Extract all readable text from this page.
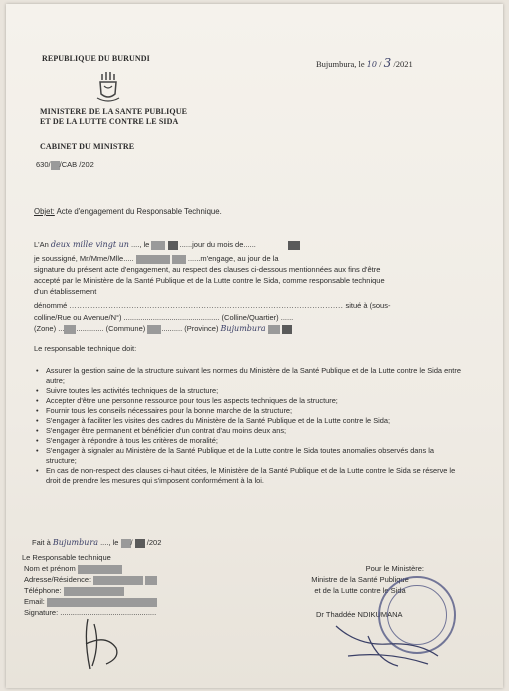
REPUBLIQUE DU BURUNDI
MINISTERE DE LA SANTE PUBLIQUE
ET DE LA LUTTE CONTRE LE SIDA
CABINET DU MINISTRE
630/ /CAB /202
Bujumbura, le 10 / 3 /2021
Objet: Acte d'engagement du Responsable Technique.
L'An deux mille vingt un ...., le	......jour du mois de......
je soussigné, Mr/Mme/Mlle.....	......m'engage, au jour de la
signature du présent acte d'engagement, au respect des clauses ci-dessous mentionnées aux fins d'être
accepté par le Ministère de la Santé Publique et de la Lutte contre le Sida, comme responsable technique
d'un établissement
dénommé .......................................................................................................... situé à (sous-
colline/Rue ou Avenue/N°) .............................................. (Colline/Quartier) ......
(Zone) ... ............. (Commune) .......... (Province) Bujumbura
Le responsable technique doit:
• Assurer la gestion saine de la structure suivant les normes du Ministère de la Santé Publique et de la Lutte contre le Sida entre autre;
• Suivre toutes les activités techniques de la structure;
• Accepter d'être une personne ressource pour tous les aspects techniques de la structure;
• Fournir tous les conseils nécessaires pour la bonne marche de la structure;
• S'engager à faciliter les visites des cadres du Ministère de la Santé Publique et de la Lutte contre le Sida;
• S'engager être permanent et bénéficier d'un contrat d'au moins deux ans;
• S'engager à répondre à tous les critères de moralité;
• S'engager à signaler au Ministère de la Santé Publique et de la Lutte contre le Sida toutes anomalies observés dans la structure;
• En cas de non-respect des clauses ci-haut citées, le Ministère de la Santé Publique et de la Lutte contre le Sida se réserve le droit de prendre les mesures qui s'imposent conformément à la loi.
Fait à Bujumbura ...., le /  /202
Le Responsable technique
Nom et prénom
Adresse/Résidence:
Téléphone:
Email:
Signature: ..............................................
Pour le Ministère:
Ministre de la Santé Publique
et de la Lutte contre le Sida
Dr Thaddée NDIKUMANA
